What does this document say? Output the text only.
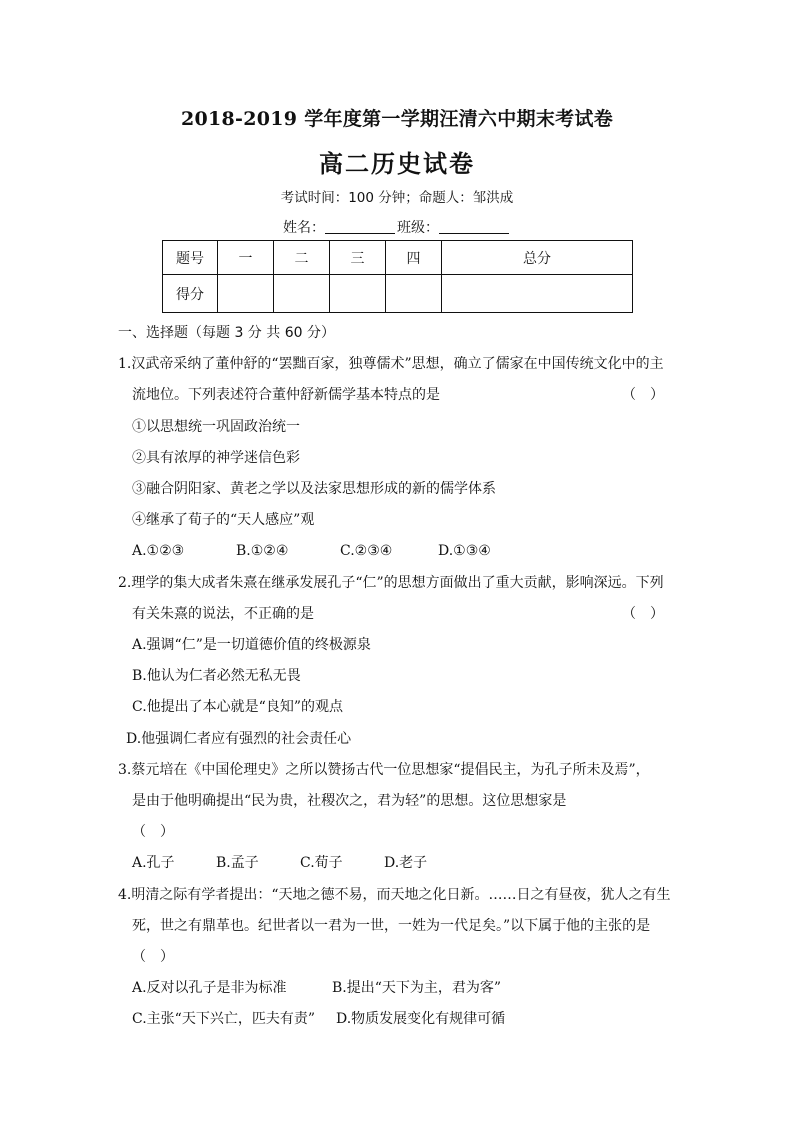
2018-2019 学年度第一学期汪清六中期末考试卷
高二历史试卷
考试时间：100 分钟；命题人：邹洪成
姓名：	班级：
题号	一	二	三	四	总分
得分					
一、选择题（每题 3 分 共 60 分）
1.汉武帝采纳了董仲舒的“罢黜百家，独尊儒术”思想，确立了儒家在中国传统文化中的主
流地位。下列表述符合董仲舒新儒学基本特点的是	（　）
①以思想统一巩固政治统一
②具有浓厚的神学迷信色彩
③融合阴阳家、黄老之学以及法家思想形成的新的儒学体系
④继承了荀子的“天人感应”观
A.①②③	B.①②④	C.②③④	D.①③④
2.理学的集大成者朱熹在继承发展孔子“仁”的思想方面做出了重大贡献，影响深远。下列
有关朱熹的说法，不正确的是	（　）
A.强调“仁”是一切道德价值的终极源泉
B.他认为仁者必然无私无畏
C.他提出了本心就是“良知”的观点
D.他强调仁者应有强烈的社会责任心
3.蔡元培在《中国伦理史》之所以赞扬古代一位思想家“提倡民主，为孔子所未及焉”，
是由于他明确提出“民为贵，社稷次之，君为轻”的思想。这位思想家是
（　）
A.孔子	B.孟子	C.荀子	D.老子
4.明清之际有学者提出：“天地之德不易，而天地之化日新。……日之有昼夜，犹人之有生
死，世之有鼎革也。纪世者以一君为一世，一姓为一代足矣。”以下属于他的主张的是
（　）
A.反对以孔子是非为标准	B.提出“天下为主，君为客”
C.主张“天下兴亡，匹夫有责” D.物质发展变化有规律可循
